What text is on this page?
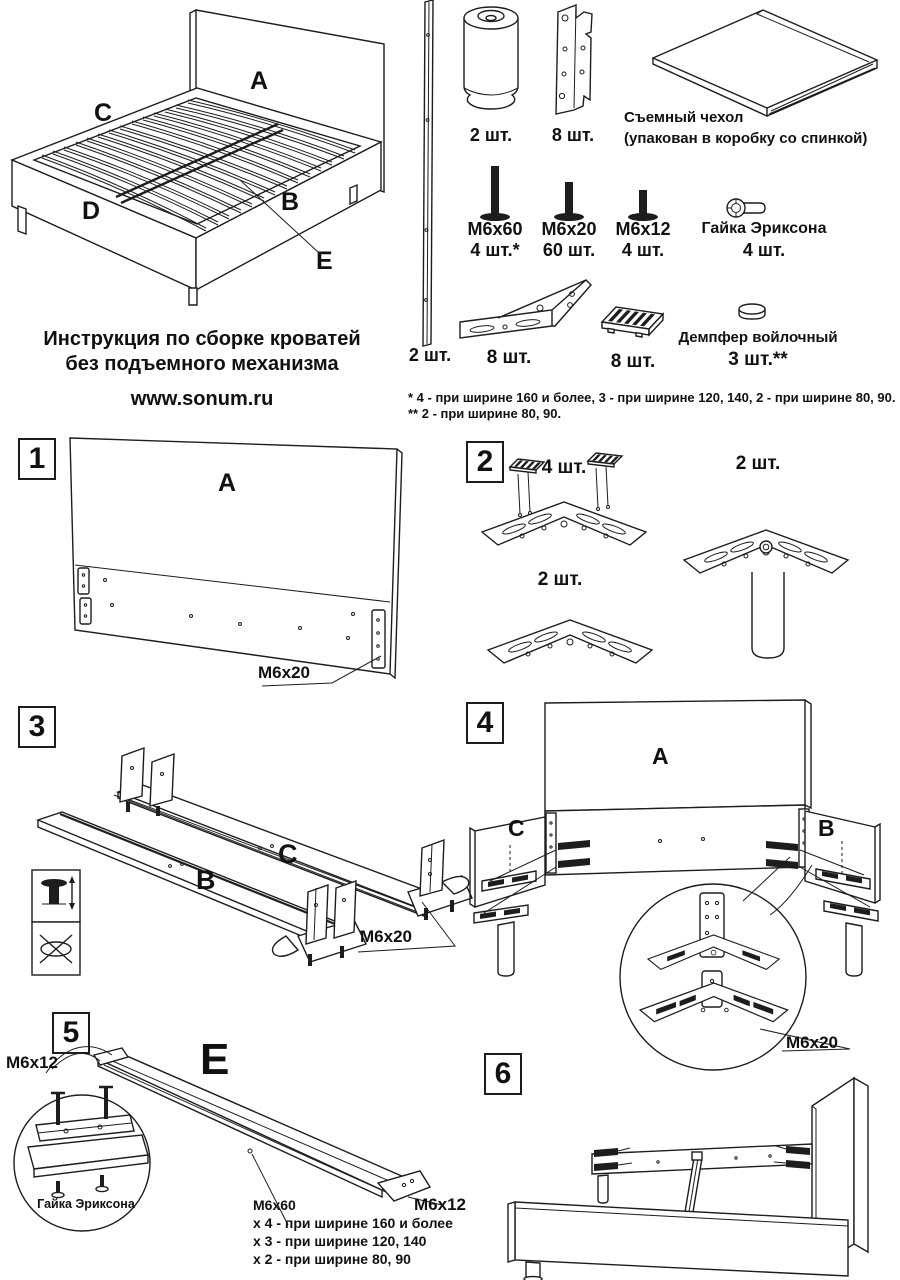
A
C
D	B
E
Инструкция по сборке кроватей
без подъемного механизма
www.sonum.ru
2 шт.
2 шт.	8 шт.
Съемный чехол
(упакован в коробку со спинкой)
М6х60
4 шт.*
М6х20
60 шт.
М6х12
4 шт.
Гайка Эриксона
4 шт.
8 шт.	8 шт.
Демпфер войлочный
3 шт.**
* 4 - при ширине 160 и более, 3 - при ширине 120, 140, 2 - при ширине 80, 90.
** 2 - при ширине 80, 90.
1
A
М6х20
2	4 шт.	2 шт.
2 шт.
3
B
C
М6х20
4
A
C	B
М6х20
5
E
М6х12
М6х12
Гайка Эриксона	М6х60
х 4 - при ширине 160 и более
х 3 - при ширине 120, 140
х 2 - при ширине 80, 90
6
